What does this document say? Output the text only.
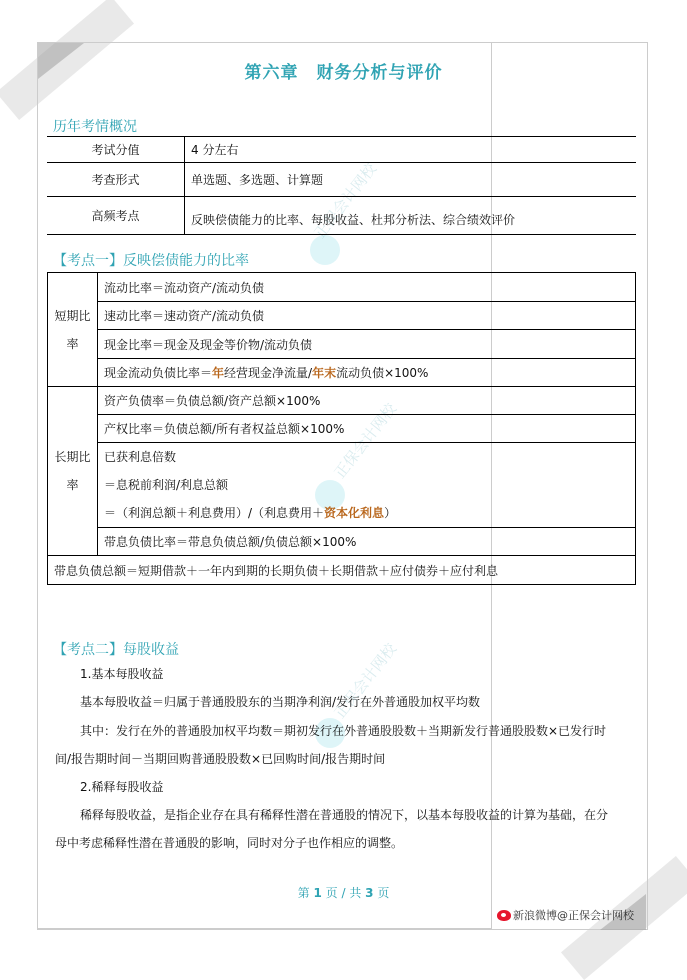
正保会计网校
正保会计网校
正保会计网校
第六章　财务分析与评价
历年考情概况
考试分值	4 分左右
考查形式	单选题、多选题、计算题
高频考点	反映偿债能力的比率、每股收益、杜邦分析法、综合绩效评价
【考点一】反映偿债能力的比率
短期比率	流动比率＝流动资产/流动负债
	速动比率＝速动资产/流动负债
	现金比率＝现金及现金等价物/流动负债
	现金流动负债比率＝年经营现金净流量/年末流动负债×100%
长期比率	资产负债率＝负债总额/资产总额×100%
	产权比率＝负债总额/所有者权益总额×100%

	已获利息倍数
＝息税前利润/利息总额
＝（利润总额＋利息费用）/（利息费用＋资本化利息）

	带息负债比率＝带息负债总额/负债总额×100%
带息负债总额＝短期借款＋一年内到期的长期负债＋长期借款＋应付债券＋应付利息	
【考点二】每股收益
1.基本每股收益
基本每股收益＝归属于普通股股东的当期净利润/发行在外普通股加权平均数
其中：发行在外的普通股加权平均数＝期初发行在外普通股股数＋当期新发行普通股股数×已发行时
间/报告期时间－当期回购普通股股数×已回购时间/报告期时间
2.稀释每股收益
稀释每股收益，是指企业存在具有稀释性潜在普通股的情况下，以基本每股收益的计算为基础，在分
母中考虑稀释性潜在普通股的影响，同时对分子也作相应的调整。
第 1 页 / 共 3 页
新浪微博@正保会计网校
